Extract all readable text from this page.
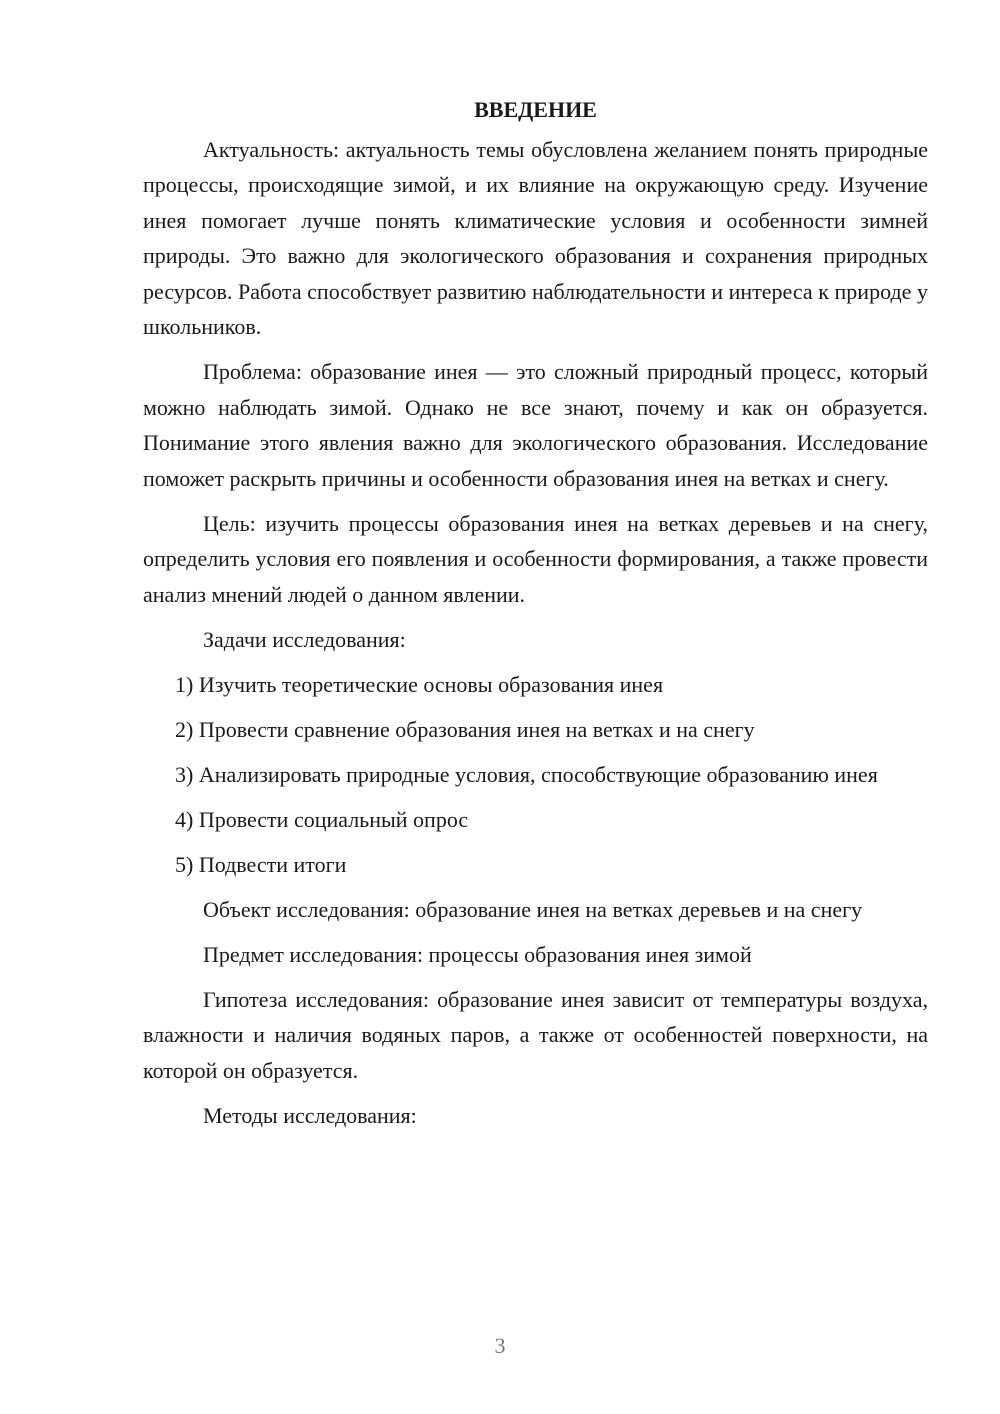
ВВЕДЕНИЕ

Актуальность: актуальность темы обусловлена желанием понять природные процессы, происходящие зимой, и их влияние на окружающую среду. Изучение инея помогает лучше понять климатические условия и особенности зимней природы. Это важно для экологического образования и сохранения природных ресурсов. Работа способствует развитию наблюдательности и интереса к природе у школьников.

Проблема: образование инея — это сложный природный процесс, который можно наблюдать зимой. Однако не все знают, почему и как он образуется. Понимание этого явления важно для экологического образования. Исследование поможет раскрыть причины и особенности образования инея на ветках и снегу.

Цель: изучить процессы образования инея на ветках деревьев и на снегу, определить условия его появления и особенности формирования, а также провести анализ мнений людей о данном явлении.

Задачи исследования:

1) Изучить теоретические основы образования инея

2) Провести сравнение образования инея на ветках и на снегу

3) Анализировать природные условия, способствующие образованию инея

4) Провести социальный опрос

5) Подвести итоги

Объект исследования: образование инея на ветках деревьев и на снегу

Предмет исследования: процессы образования инея зимой

Гипотеза исследования: образование инея зависит от температуры воздуха, влажности и наличия водяных паров, а также от особенностей поверхности, на которой он образуется.

Методы исследования:

3
